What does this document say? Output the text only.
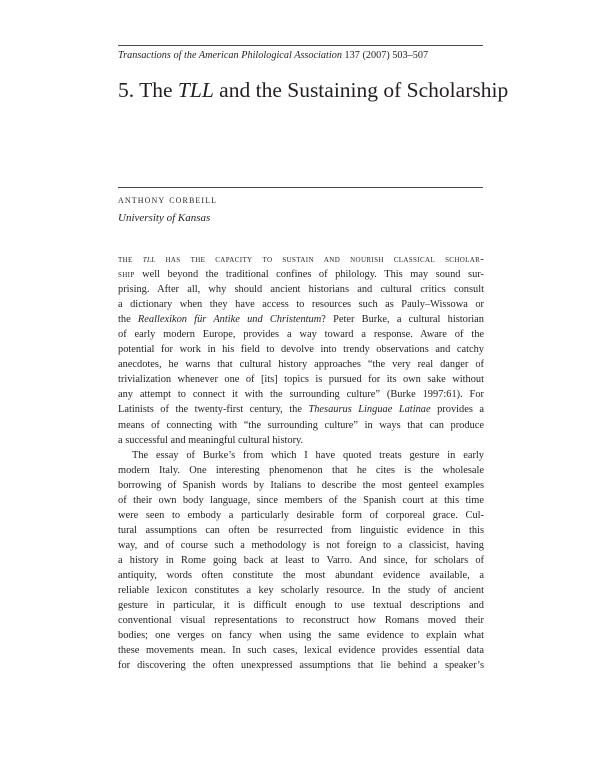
Transactions of the American Philological Association 137 (2007) 503–507
5. The TLL and the Sustaining of Scholarship
anthony corbeill
University of Kansas
the tll has the capacity to sustain and nourish classical scholar-
ship well beyond the traditional confines of philology. This may sound sur-
prising. After all, why should ancient historians and cultural critics consult
a dictionary when they have access to resources such as Pauly–Wissowa or
the Reallexikon für Antike und Christentum? Peter Burke, a cultural historian
of early modern Europe, provides a way toward a response. Aware of the
potential for work in his field to devolve into trendy observations and catchy
anecdotes, he warns that cultural history approaches “the very real danger of
trivialization whenever one of [its] topics is pursued for its own sake without
any attempt to connect it with the surrounding culture” (Burke 1997:61). For
Latinists of the twenty-first century, the Thesaurus Linguae Latinae provides a
means of connecting with “the surrounding culture” in ways that can produce
a successful and meaningful cultural history.
The essay of Burke’s from which I have quoted treats gesture in early
modern Italy. One interesting phenomenon that he cites is the wholesale
borrowing of Spanish words by Italians to describe the most genteel examples
of their own body language, since members of the Spanish court at this time
were seen to embody a particularly desirable form of corporeal grace. Cul-
tural assumptions can often be resurrected from linguistic evidence in this
way, and of course such a methodology is not foreign to a classicist, having
a history in Rome going back at least to Varro. And since, for scholars of
antiquity, words often constitute the most abundant evidence available, a
reliable lexicon constitutes a key scholarly resource. In the study of ancient
gesture in particular, it is difficult enough to use textual descriptions and
conventional visual representations to reconstruct how Romans moved their
bodies; one verges on fancy when using the same evidence to explain what
these movements mean. In such cases, lexical evidence provides essential data
for discovering the often unexpressed assumptions that lie behind a speaker’s
